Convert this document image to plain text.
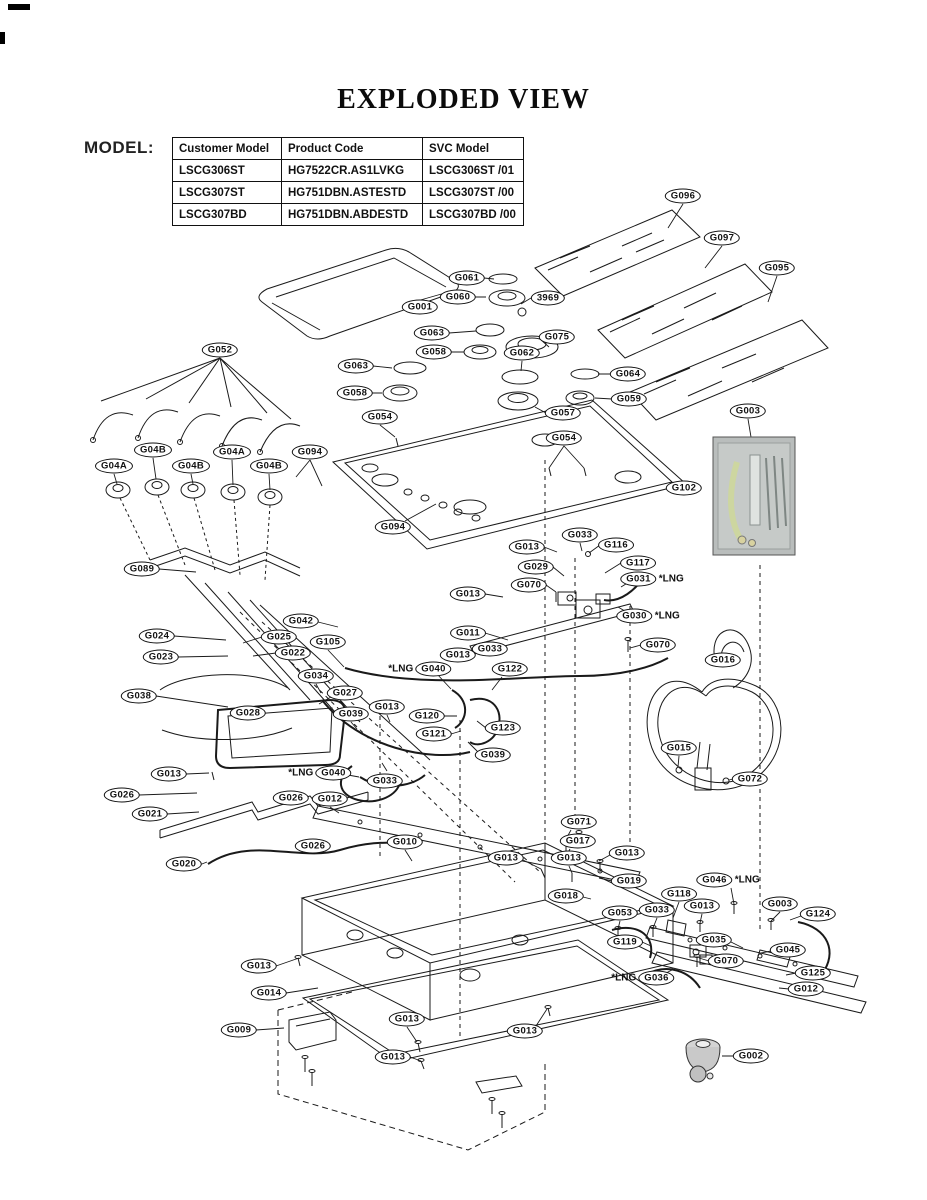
EXPLODED VIEW
MODEL: Customer Model	Product Code	SVC Model
LSCG306ST	HG7522CR.AS1LVKG	LSCG306ST /01
LSCG307ST	HG751DBN.ASTESTD	LSCG307ST /00
LSCG307BD	HG751DBN.ABDESTD	LSCG307BD /00
G096
G097
G095
G001
G061
G060	3969
G063	G075
G058	G062
G063
G064
G058
G059
G057
G054
G054
G003
G052
G04A
G04B
G04B
G04A
G04B
G094
G102
G094
G089
G033
G013	G116
G029	G117
G070
G031 *LNG
G013
G030 *LNG
G011
G042
G024	G025	G105
G022
G023
G033
G013
*LNG G040	G122
G034
G038	G027
G070
G016
G028	G039
G013
G120
G121
G123
G039
G015
G072
G013	*LNG G040
G033
G026	G026	G012
G021
G026	G010
G020
G071
G017
G013	G013	G013
G019	G046 *LNG
G018	G118
G033	G013
G053
G003
G124
G035
G119
G045
G070
G125
*LNG G036
G012
G013
G014
G009
G013
G013
G013	G002
